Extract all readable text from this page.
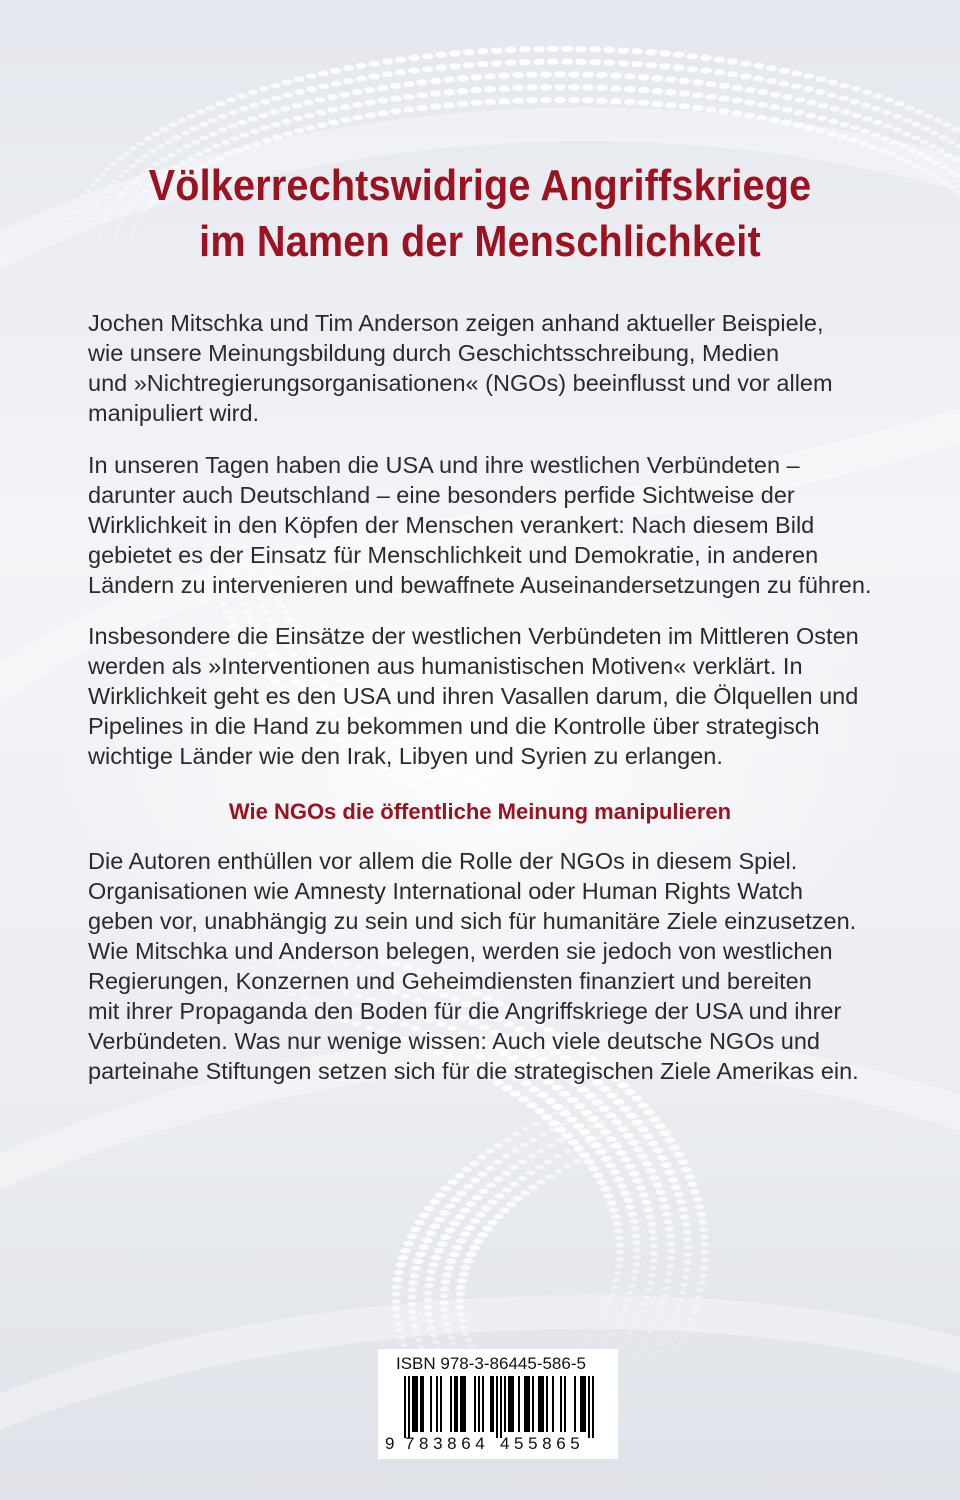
Völkerrechtswidrige Angriffskriege
im Namen der Menschlichkeit

Jochen Mitschka und Tim Anderson zeigen anhand aktueller Beispiele,
wie unsere Meinungsbildung durch Geschichtsschreibung, Medien
und »Nichtregierungsorganisationen« (NGOs) beeinflusst und vor allem
manipuliert wird.

In unseren Tagen haben die USA und ihre westlichen Verbündeten –
darunter auch Deutschland – eine besonders perfide Sichtweise der
Wirklichkeit in den Köpfen der Menschen verankert: Nach diesem Bild
gebietet es der Einsatz für Menschlichkeit und Demokratie, in anderen
Ländern zu intervenieren und bewaffnete Auseinandersetzungen zu führen.

Insbesondere die Einsätze der westlichen Verbündeten im Mittleren Osten
werden als »Interventionen aus humanistischen Motiven« verklärt. In
Wirklichkeit geht es den USA und ihren Vasallen darum, die Ölquellen und
Pipelines in die Hand zu bekommen und die Kontrolle über strategisch
wichtige Länder wie den Irak, Libyen und Syrien zu erlangen.

Wie NGOs die öffentliche Meinung manipulieren

Die Autoren enthüllen vor allem die Rolle der NGOs in diesem Spiel.
Organisationen wie Amnesty International oder Human Rights Watch
geben vor, unabhängig zu sein und sich für humanitäre Ziele einzusetzen.
Wie Mitschka und Anderson belegen, werden sie jedoch von westlichen
Regierungen, Konzernen und Geheimdiensten finanziert und bereiten
mit ihrer Propaganda den Boden für die Angriffskriege der USA und ihrer
Verbündeten. Was nur wenige wissen: Auch viele deutsche NGOs und
parteinahe Stiftungen setzen sich für die strategischen Ziele Amerikas ein.

ISBN 978-3-86445-586-5

9 783864 455865
